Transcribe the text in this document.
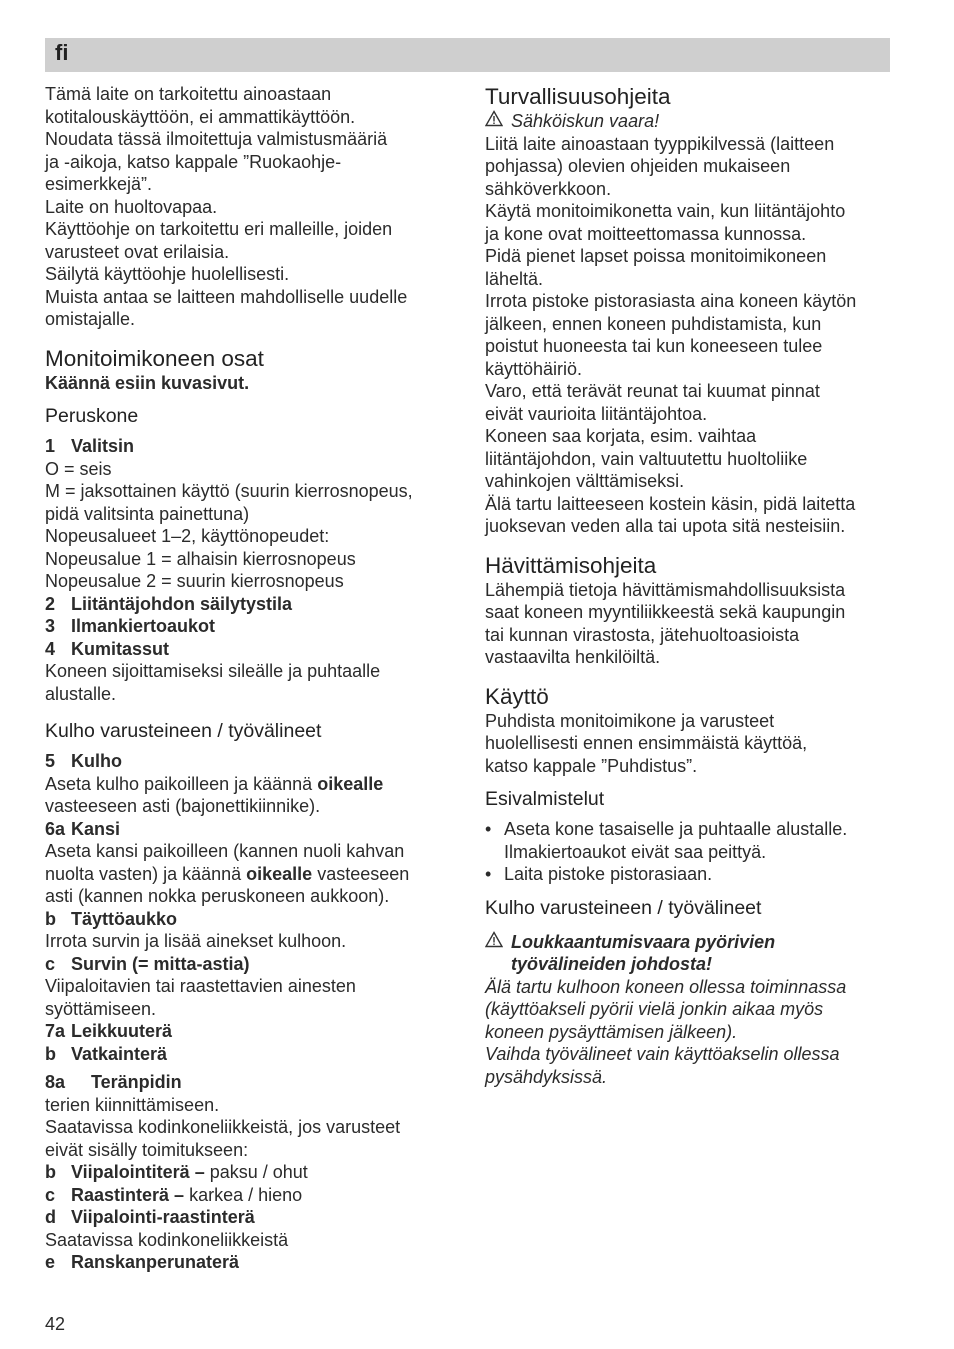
fi

Tämä laite on tarkoitettu ainoastaan

kotitalouskäyttöön, ei ammattikäyttöön.

Noudata tässä ilmoitettuja valmistusmääriä

ja -aikoja, katso kappale ”Ruokaohje-

esimerkkejä”.

Laite on huoltovapaa.

Käyttöohje on tarkoitettu eri malleille, joiden

varusteet ovat erilaisia.

Säilytä käyttöohje huolellisesti.

Muista antaa se laitteen mahdolliselle uudelle

omistajalle.

Monitoimikoneen osat

Käännä esiin kuvasivut.

Peruskone

1 Valitsin

O = seis

M = jaksottainen käyttö (suurin kierrosnopeus,

pidä valitsinta painettuna)

Nopeusalueet 1–2, käyttönopeudet:

Nopeusalue 1 = alhaisin kierrosnopeus

Nopeusalue 2 = suurin kierrosnopeus

2 Liitäntäjohdon säilytystila

3 Ilmankiertoaukot

4 Kumitassut

Koneen sijoittamiseksi sileälle ja puhtaalle

alustalle.

Kulho varusteineen / työvälineet

5 Kulho

Aseta kulho paikoilleen ja käännä oikealle

vasteeseen asti (bajonettikiinnike).

6a Kansi

Aseta kansi paikoilleen (kannen nuoli kahvan

nuolta vasten) ja käännä oikealle vasteeseen

asti (kannen nokka peruskoneen aukkoon).

b Täyttöaukko

Irrota survin ja lisää ainekset kulhoon.

c Survin (= mitta-astia)

Viipaloitavien tai raastettavien ainesten

syöttämiseen.

7a Leikkuuterä

b Vatkainterä

8a Teränpidin

terien kiinnittämiseen.

Saatavissa kodinkoneliikkeistä, jos varusteet

eivät sisälly toimitukseen:

b Viipalointiterä – paksu / ohut

c Raastinterä – karkea / hieno

d Viipalointi-raastinterä

Saatavissa kodinkoneliikkeistä

e Ranskanperunaterä

Turvallisuusohjeita

Sähköiskun vaara!

Liitä laite ainoastaan tyyppikilvessä (laitteen

pohjassa) olevien ohjeiden mukaiseen

sähköverkkoon.

Käytä monitoimikonetta vain, kun liitäntäjohto

ja kone ovat moitteettomassa kunnossa.

Pidä pienet lapset poissa monitoimikoneen

läheltä.

Irrota pistoke pistorasiasta aina koneen käytön

jälkeen, ennen koneen puhdistamista, kun

poistut huoneesta tai kun koneeseen tulee

käyttöhäiriö.

Varo, että terävät reunat tai kuumat pinnat

eivät vaurioita liitäntäjohtoa.

Koneen saa korjata, esim. vaihtaa

liitäntäjohdon, vain valtuutettu huoltoliike

vahinkojen välttämiseksi.

Älä tartu laitteeseen kostein käsin, pidä laitetta

juoksevan veden alla tai upota sitä nesteisiin.

Hävittämisohjeita

Lähempiä tietoja hävittämismahdollisuuksista

saat koneen myyntiliikkeestä sekä kaupungin

tai kunnan virastosta, jätehuoltoasioista

vastaavilta henkilöiltä.

Käyttö

Puhdista monitoimikone ja varusteet

huolellisesti ennen ensimmäistä käyttöä,

katso kappale ”Puhdistus”.

Esivalmistelut

• Aseta kone tasaiselle ja puhtaalle alustalle.

Ilmakiertoaukot eivät saa peittyä.

• Laita pistoke pistorasiaan.

Kulho varusteineen / työvälineet

Loukkaantumisvaara pyörivien

työvälineiden johdosta!

Älä tartu kulhoon koneen ollessa toiminnassa

(käyttöakseli pyörii vielä jonkin aikaa myös

koneen pysäyttämisen jälkeen).

Vaihda työvälineet vain käyttöakselin ollessa

pysähdyksissä.

42
